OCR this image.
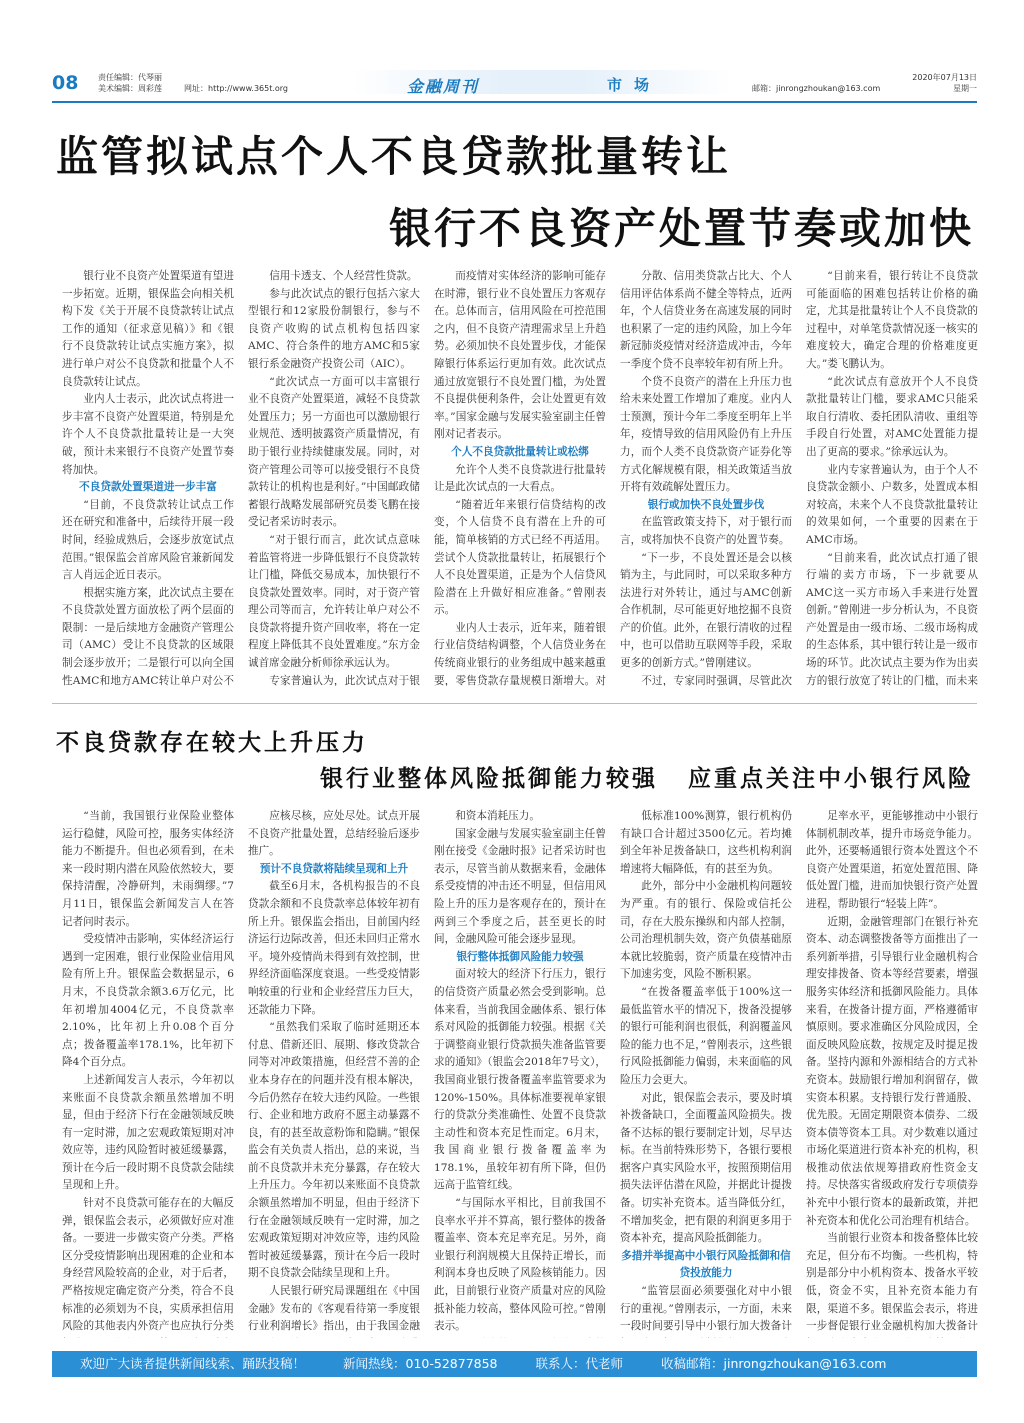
08 责任编辑：代琴丽
美术编辑：周彩莲	网址：http://www.365t.org	金融周刊	市场	邮箱：jinrongzhoukan@163.com
2020年07月13日
星期一
监管拟试点个人不良贷款批量转让
银行不良资产处置节奏或加快

银行业不良资产处置渠道有望进一步拓宽。近期，银保监会向相关机构下发《关于开展不良贷款转让试点工作的通知（征求意见稿）》和《银行不良贷款转让试点实施方案》，拟进行单户对公不良贷款和批量个人不良贷款转让试点。

业内人士表示，此次试点将进一步丰富不良资产处置渠道，特别是允许个人不良贷款批量转让是一大突破，预计未来银行不良资产处置节奏将加快。

不良贷款处置渠道进一步丰富

“目前，不良贷款转让试点工作还在研究和准备中，后续待开展一段时间，经验成熟后，会逐步放宽试点范围。”银保监会首席风险官兼新闻发言人肖远企近日表示。

根据实施方案，此次试点主要在不良贷款处置方面放松了两个层面的限制：一是后续地方金融资产管理公司（AMC）受让不良贷款的区域限制会逐步放开；二是银行可以向全国性AMC和地方AMC转让单户对公不

信用卡透支、个人经营性贷款。

参与此次试点的银行包括六家大型银行和12家股份制银行，参与不良资产收购的试点机构包括四家AMC、符合条件的地方AMC和5家银行系金融资产投资公司（AIC）。

“此次试点一方面可以丰富银行业不良资产处置渠道，减轻不良贷款处置压力；另一方面也可以激励银行业规范、透明披露资产质量情况，有助于银行业持续健康发展。同时，对资产管理公司等可以接受银行不良贷款转让的机构也是利好。”中国邮政储蓄银行战略发展部研究员娄飞鹏在接受记者采访时表示。

“对于银行而言，此次试点意味着监管将进一步降低银行不良贷款转让门槛，降低交易成本，加快银行不良贷款处置效率。同时，对于资产管理公司等而言，允许转让单户对公不良贷款将提升资产回收率，将在一定程度上降低其不良处置难度。”东方金诚首席金融分析师徐承远认为。

专家普遍认为，此次试点对于银

而疫情对实体经济的影响可能存在时滞，银行业不良处置压力客观存在。总体而言，信用风险在可控范围之内，但不良资产清理需求呈上升趋势。必须加快不良处置步伐，才能保障银行体系运行更加有效。此次试点通过放宽银行不良处置门槛，为处置不良提供便利条件，会让处置更有效率。”国家金融与发展实验室副主任曾刚对记者表示。

个人不良贷款批量转让或松绑

允许个人类不良贷款进行批量转让是此次试点的一大看点。

“随着近年来银行信贷结构的改变，个人信贷不良有潜在上升的可能，简单核销的方式已经不再适用。尝试个人贷款批量转让，拓展银行个人不良处置渠道，正是为个人信贷风险潜在上升做好相应准备。”曾刚表示。

业内人士表示，近年来，随着银行业信贷结构调整，个人信贷业务在传统商业银行的业务组成中越来越重要，零售贷款存量规模日渐增大。对

分散、信用类贷款占比大、个人信用评估体系尚不健全等特点，近两年，个人信贷业务在高速发展的同时也积累了一定的违约风险，加上今年新冠肺炎疫情对经济造成冲击，今年一季度个贷不良率较年初有所上升。

个贷不良资产的潜在上升压力也给未来处置工作增加了难度。业内人士预测，预计今年二季度至明年上半年，疫情导致的信用风险仍有上升压力，而个人类不良贷款资产证券化等方式化解规模有限，相关政策适当放开将有效疏解处置压力。

银行或加快不良处置步伐

在监管政策支持下，对于银行而言，或将加快不良资产的处置节奏。

“下一步，不良处置还是会以核销为主，与此同时，可以采取多种方法进行对外转让，通过与AMC创新合作机制，尽可能更好地挖掘不良资产的价值。此外，在银行清收的过程中，也可以借助互联网等手段，采取更多的创新方式。”曾刚建议。

不过，专家同时强调，尽管此次

“目前来看，银行转让不良贷款可能面临的困难包括转让价格的确定，尤其是批量转让个人不良贷款的过程中，对单笔贷款情况逐一核实的难度较大，确定合理的价格难度更大。”娄飞鹏认为。

“此次试点有意放开个人不良贷款批量转让门槛，要求AMC只能采取自行清收、委托团队清收、重组等手段自行处置，对AMC处置能力提出了更高的要求。”徐承远认为。

业内专家普遍认为，由于个人不良贷款金额小、户数多，处置成本相对较高，未来个人不良贷款批量转让的效果如何，一个重要的因素在于AMC市场。

“目前来看，此次试点打通了银行端的卖方市场，下一步就要从AMC这一买方市场入手来进行处置创新。”曾刚进一步分析认为，不良资产处置是由一级市场、二级市场构成的生态体系，其中银行转让是一级市场的环节。此次试点主要为作为出卖方的银行放宽了转让的门槛，而未来

不良贷款存在较大上升压力
银行业整体风险抵御能力较强 应重点关注中小银行风险

“当前，我国银行业保险业整体运行稳健，风险可控，服务实体经济能力不断提升。但也必须看到，在未来一段时期内潜在风险依然较大，要保持清醒，冷静研判，未雨绸缪。”7月11日，银保监会新闻发言人在答记者问时表示。

受疫情冲击影响，实体经济运行遇到一定困难，银行业保险业信用风险有所上升。银保监会数据显示，6月末，不良贷款余额3.6万亿元，比年初增加4004亿元，不良贷款率2.10%，比年初上升0.08个百分点；拨备覆盖率178.1%，比年初下降4个百分点。

上述新闻发言人表示，今年初以来账面不良贷款余额虽然增加不明显，但由于经济下行在金融领域反映有一定时滞，加之宏观政策短期对冲效应等，违约风险暂时被延缓暴露，预计在今后一段时期不良贷款会陆续呈现和上升。

针对不良贷款可能存在的大幅反弹，银保监会表示，必须做好应对准备。一要进一步做实资产分类。严格区分受疫情影响出现困难的企业和本身经营风险较高的企业，对于后者，严格按规定确定资产分类，符合不良标准的必须划为不良，实质承担信用风险的其他表内外资产也应执行分类

应核尽核，应处尽处。试点开展不良资产批量处置，总结经验后逐步推广。

预计不良贷款将陆续呈现和上升

截至6月末，各机构报告的不良贷款余额和不良贷款率总体较年初有所上升。银保监会指出，目前国内经济运行边际改善，但还未回归正常水平。境外疫情尚未得到有效控制，世界经济面临深度衰退。一些受疫情影响较重的行业和企业经营压力巨大，还款能力下降。

“虽然我们采取了临时延期还本付息、借新还旧、展期、修改贷款合同等对冲政策措施，但经营不善的企业本身存在的问题并没有根本解决，今后仍然存在较大违约风险。一些银行、企业和地方政府不愿主动暴露不良，有的甚至故意粉饰和隐瞒。”银保监会有关负责人指出，总的来说，当前不良贷款并未充分暴露，存在较大上升压力。今年初以来账面不良贷款余额虽然增加不明显，但由于经济下行在金融领域反映有一定时滞，加之宏观政策短期对冲效应等，违约风险暂时被延缓暴露，预计在今后一段时期不良贷款会陆续呈现和上升。

人民银行研究局课题组在《中国金融》发布的《客观看待第一季度银行业利润增长》指出，由于我国金融

和资本消耗压力。

国家金融与发展实验室副主任曾刚在接受《金融时报》记者采访时也表示，尽管当前从数据来看，金融体系受疫情的冲击还不明显，但信用风险上升的压力是客观存在的，预计在两到三个季度之后，甚至更长的时间，金融风险可能会逐步显现。

银行整体抵御风险能力较强

面对较大的经济下行压力，银行的信贷资产质量必然会受到影响。总体来看，当前我国金融体系、银行体系对风险的抵御能力较强。根据《关于调整商业银行贷款损失准备监管要求的通知》（银监会2018年7号文），我国商业银行拨备覆盖率监管要求为120%-150%。具体标准要视单家银行的贷款分类准确性、处置不良贷款主动性和资本充足性而定。6月末，我国商业银行拨备覆盖率为178.1%，虽较年初有所下降，但仍远高于监管红线。

“与国际水平相比，目前我国不良率水平并不算高，银行整体的拨备覆盖率、资本充足率充足。另外，商业银行利润规模大且保持正增长，而利润本身也反映了风险核销能力。因此，目前银行业资产质量对应的风险抵补能力较高，整体风险可控。”曾刚表示。

低标准100%测算，银行机构仍有缺口合计超过3500亿元。若均摊到全年补足拨备缺口，这些机构利润增速将大幅降低，有的甚至为负。

此外，部分中小金融机构问题较为严重。有的银行、保险或信托公司，存在大股东操纵和内部人控制，公司治理机制失效，资产负债基础原本就比较脆弱，资产质量在疫情冲击下加速劣变，风险不断积累。

“在拨备覆盖率低于100%这一最低监管水平的情况下，拨备没提够的银行可能利润也很低，利润覆盖风险的能力也不足，”曾刚表示，这些银行风险抵御能力偏弱，未来面临的风险压力会更大。

对此，银保监会表示，要及时填补拨备缺口，全面覆盖风险损失。拨备不达标的银行要制定计划，尽早达标。在当前特殊形势下，各银行要根据客户真实风险水平，按照预期信用损失法评估潜在风险，并据此计提拨备。切实补充资本。适当降低分红，不增加奖金，把有限的利润更多用于资本补充，提高风险抵御能力。

多措并举提高中小银行风险抵御和信贷投放能力

“监管层面必须要强化对中小银行的重视。”曾刚表示，一方面，未来一段时间要引导中小银行加大拨备计

足率水平，更能够推动中小银行体制机制改革，提升市场竞争能力。此外，还要畅通银行资本处置这个不良资产处置渠道，拓宽处置范围、降低处置门槛，进而加快银行资产处置进程，帮助银行“轻装上阵”。

近期，金融管理部门在银行补充资本、动态调整拨备等方面推出了一系列新举措，引导银行业金融机构合理安排拨备、资本等经营要素，增强服务实体经济和抵御风险能力。具体来看，在拨备计提方面，严格遵循审慎原则。要求准确区分风险成因，全面反映风险底数，按规定及时提足拨备。坚持内源和外源相结合的方式补充资本。鼓励银行增加利润留存，做实资本积累。支持银行发行普通股、优先股。无固定期限资本债券、二级资本债等资本工具。对少数难以通过市场化渠道进行资本补充的机构，积极推动依法依规筹措政府性资金支持。尽快落实省级政府发行专项债券补充中小银行资本的最新政策，并把补充资本和优化公司治理有机结合。

当前银行业资本和拨备整体比较充足，但分布不均衡。一些机构，特别是部分中小机构资本、拨备水平较低，资金不实，且补充资本能力有限，渠道不多。银保监会表示，将进一步督促银行业金融机构加大拨备计

欢迎广大读者提供新闻线索、踊跃投稿！	新闻热线：010-52877858	联系人：代老师	收稿邮箱：jinrongzhoukan@163.com
